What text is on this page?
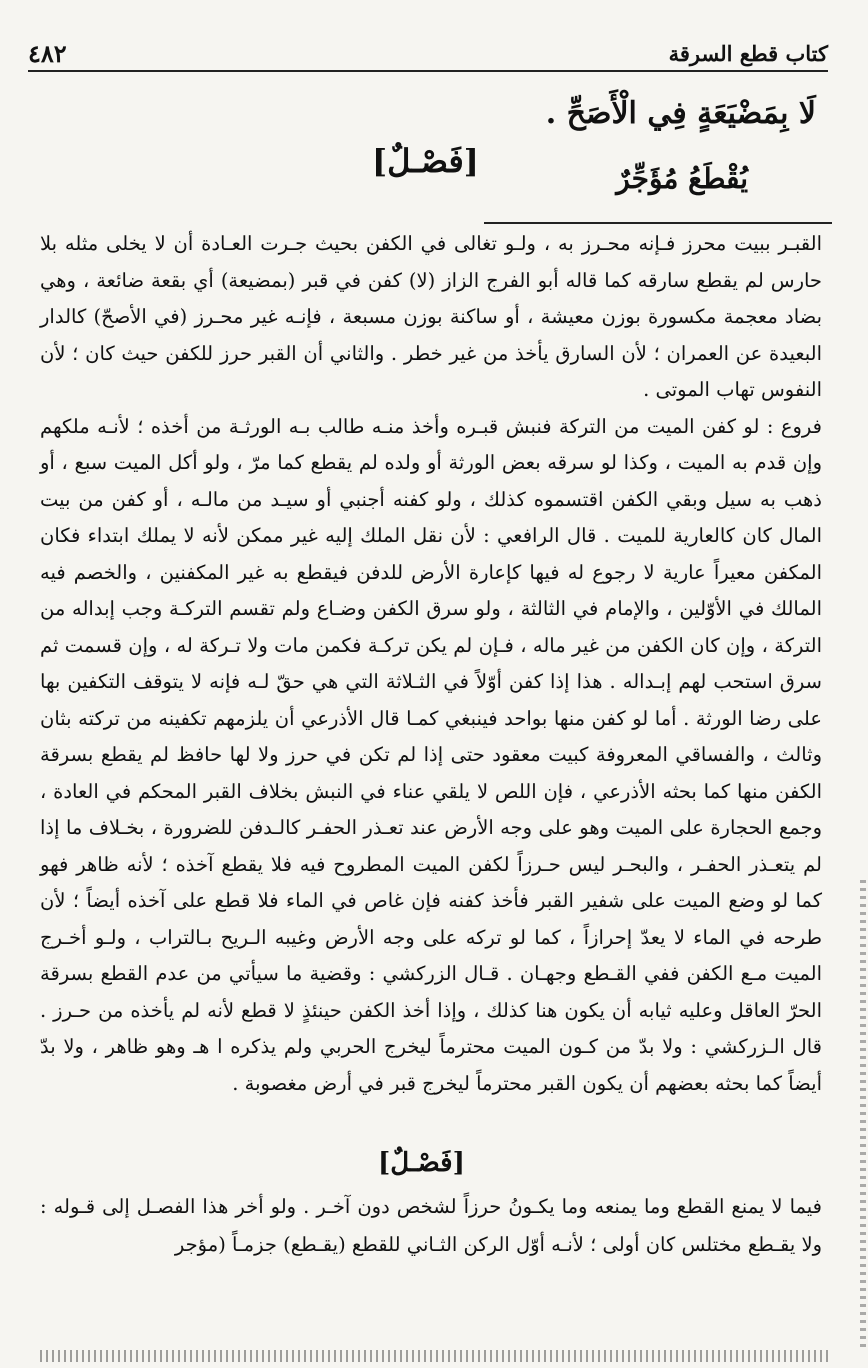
٤٨٢	كتاب قطع السرقة
لَا بِمَضْيَعَةٍ فِي الْأَصَحِّ .
[فَصْـلٌ]	يُقْطَعُ مُؤَجِّرٌ

القبـر ببيت محرز فـإنه محـرز به ، ولـو تغالى في الكفن بحيث جـرت العـادة أن لا يخلى مثله بلا حارس لم يقطع سارقه كما قاله أبو الفرج الزاز (لا) كفن في قبر (بمضيعة) أي بقعة ضائعة ، وهي بضاد معجمة مكسورة بوزن معيشة ، أو ساكنة بوزن مسبعة ، فإنـه غير محـرز (في الأصحّ) كالدار البعيدة عن العمران ؛ لأن السارق يأخذ من غير خطر . والثاني أن القبر حرز للكفن حيث كان ؛ لأن النفوس تهاب الموتى .

فروع : لو كفن الميت من التركة فنبش قبـره وأخذ منـه طالب بـه الورثـة من أخذه ؛ لأنـه ملكهم وإن قدم به الميت ، وكذا لو سرقه بعض الورثة أو ولده لم يقطع كما مرّ ، ولو أكل الميت سبع ، أو ذهب به سيل وبقي الكفن اقتسموه كذلك ، ولو كفنه أجنبي أو سيـد من مالـه ، أو كفن من بيت المال كان كالعارية للميت . قال الرافعي : لأن نقل الملك إليه غير ممكن لأنه لا يملك ابتداء فكان المكفن معيراً عارية لا رجوع له فيها كإعارة الأرض للدفن فيقطع به غير المكفنين ، والخصم فيه المالك في الأوّلين ، والإمام في الثالثة ، ولو سرق الكفن وضـاع ولم تقسم التركـة وجب إبداله من التركة ، وإن كان الكفن من غير ماله ، فـإن لم يكن تركـة فكمن مات ولا تـركة له ، وإن قسمت ثم سرق استحب لهم إبـداله . هذا إذا كفن أوّلاً في الثـلاثة التي هي حقّ لـه فإنه لا يتوقف التكفين بها على رضا الورثة . أما لو كفن منها بواحد فينبغي كمـا قال الأذرعي أن يلزمهم تكفينه من تركته بثان وثالث ، والفساقي المعروفة كبيت معقود حتى إذا لم تكن في حرز ولا لها حافظ لم يقطع بسرقة الكفن منها كما بحثه الأذرعي ، فإن اللص لا يلقي عناء في النبش بخلاف القبر المحكم في العادة ، وجمع الحجارة على الميت وهو على وجه الأرض عند تعـذر الحفـر كالـدفن للضرورة ، بخـلاف ما إذا لم يتعـذر الحفـر ، والبحـر ليس حـرزاً لكفن الميت المطروح فيه فلا يقطع آخذه ؛ لأنه ظاهر فهو كما لو وضع الميت على شفير القبر فأخذ كفنه فإن غاص في الماء فلا قطع على آخذه أيضاً ؛ لأن طرحه في الماء لا يعدّ إحرازاً ، كما لو تركه على وجه الأرض وغيبه الـريح بـالتراب ، ولـو أخـرج الميت مـع الكفن ففي القـطع وجهـان . قـال الزركشي : وقضية ما سيأتي من عدم القطع بسرقة الحرّ العاقل وعليه ثيابه أن يكون هنا كذلك ، وإذا أخذ الكفن حينئذٍ لا قطع لأنه لم يأخذه من حـرز . قال الـزركشي : ولا بدّ من كـون الميت محترماً ليخرج الحربي ولم يذكره ا هـ وهو ظاهر ، ولا بدّ أيضاً كما بحثه بعضهم أن يكون القبر محترماً ليخرج قبر في أرض مغصوبة .

[فَصْـلٌ]

فيما لا يمنع القطع وما يمنعه وما يكـونُ حرزاً لشخص دون آخـر . ولو أخر هذا الفصـل إلى قـوله : ولا يقـطع مختلس كان أولى ؛ لأنـه أوّل الركن الثـاني للقطع (يقـطع) جزمـاً (مؤجر
